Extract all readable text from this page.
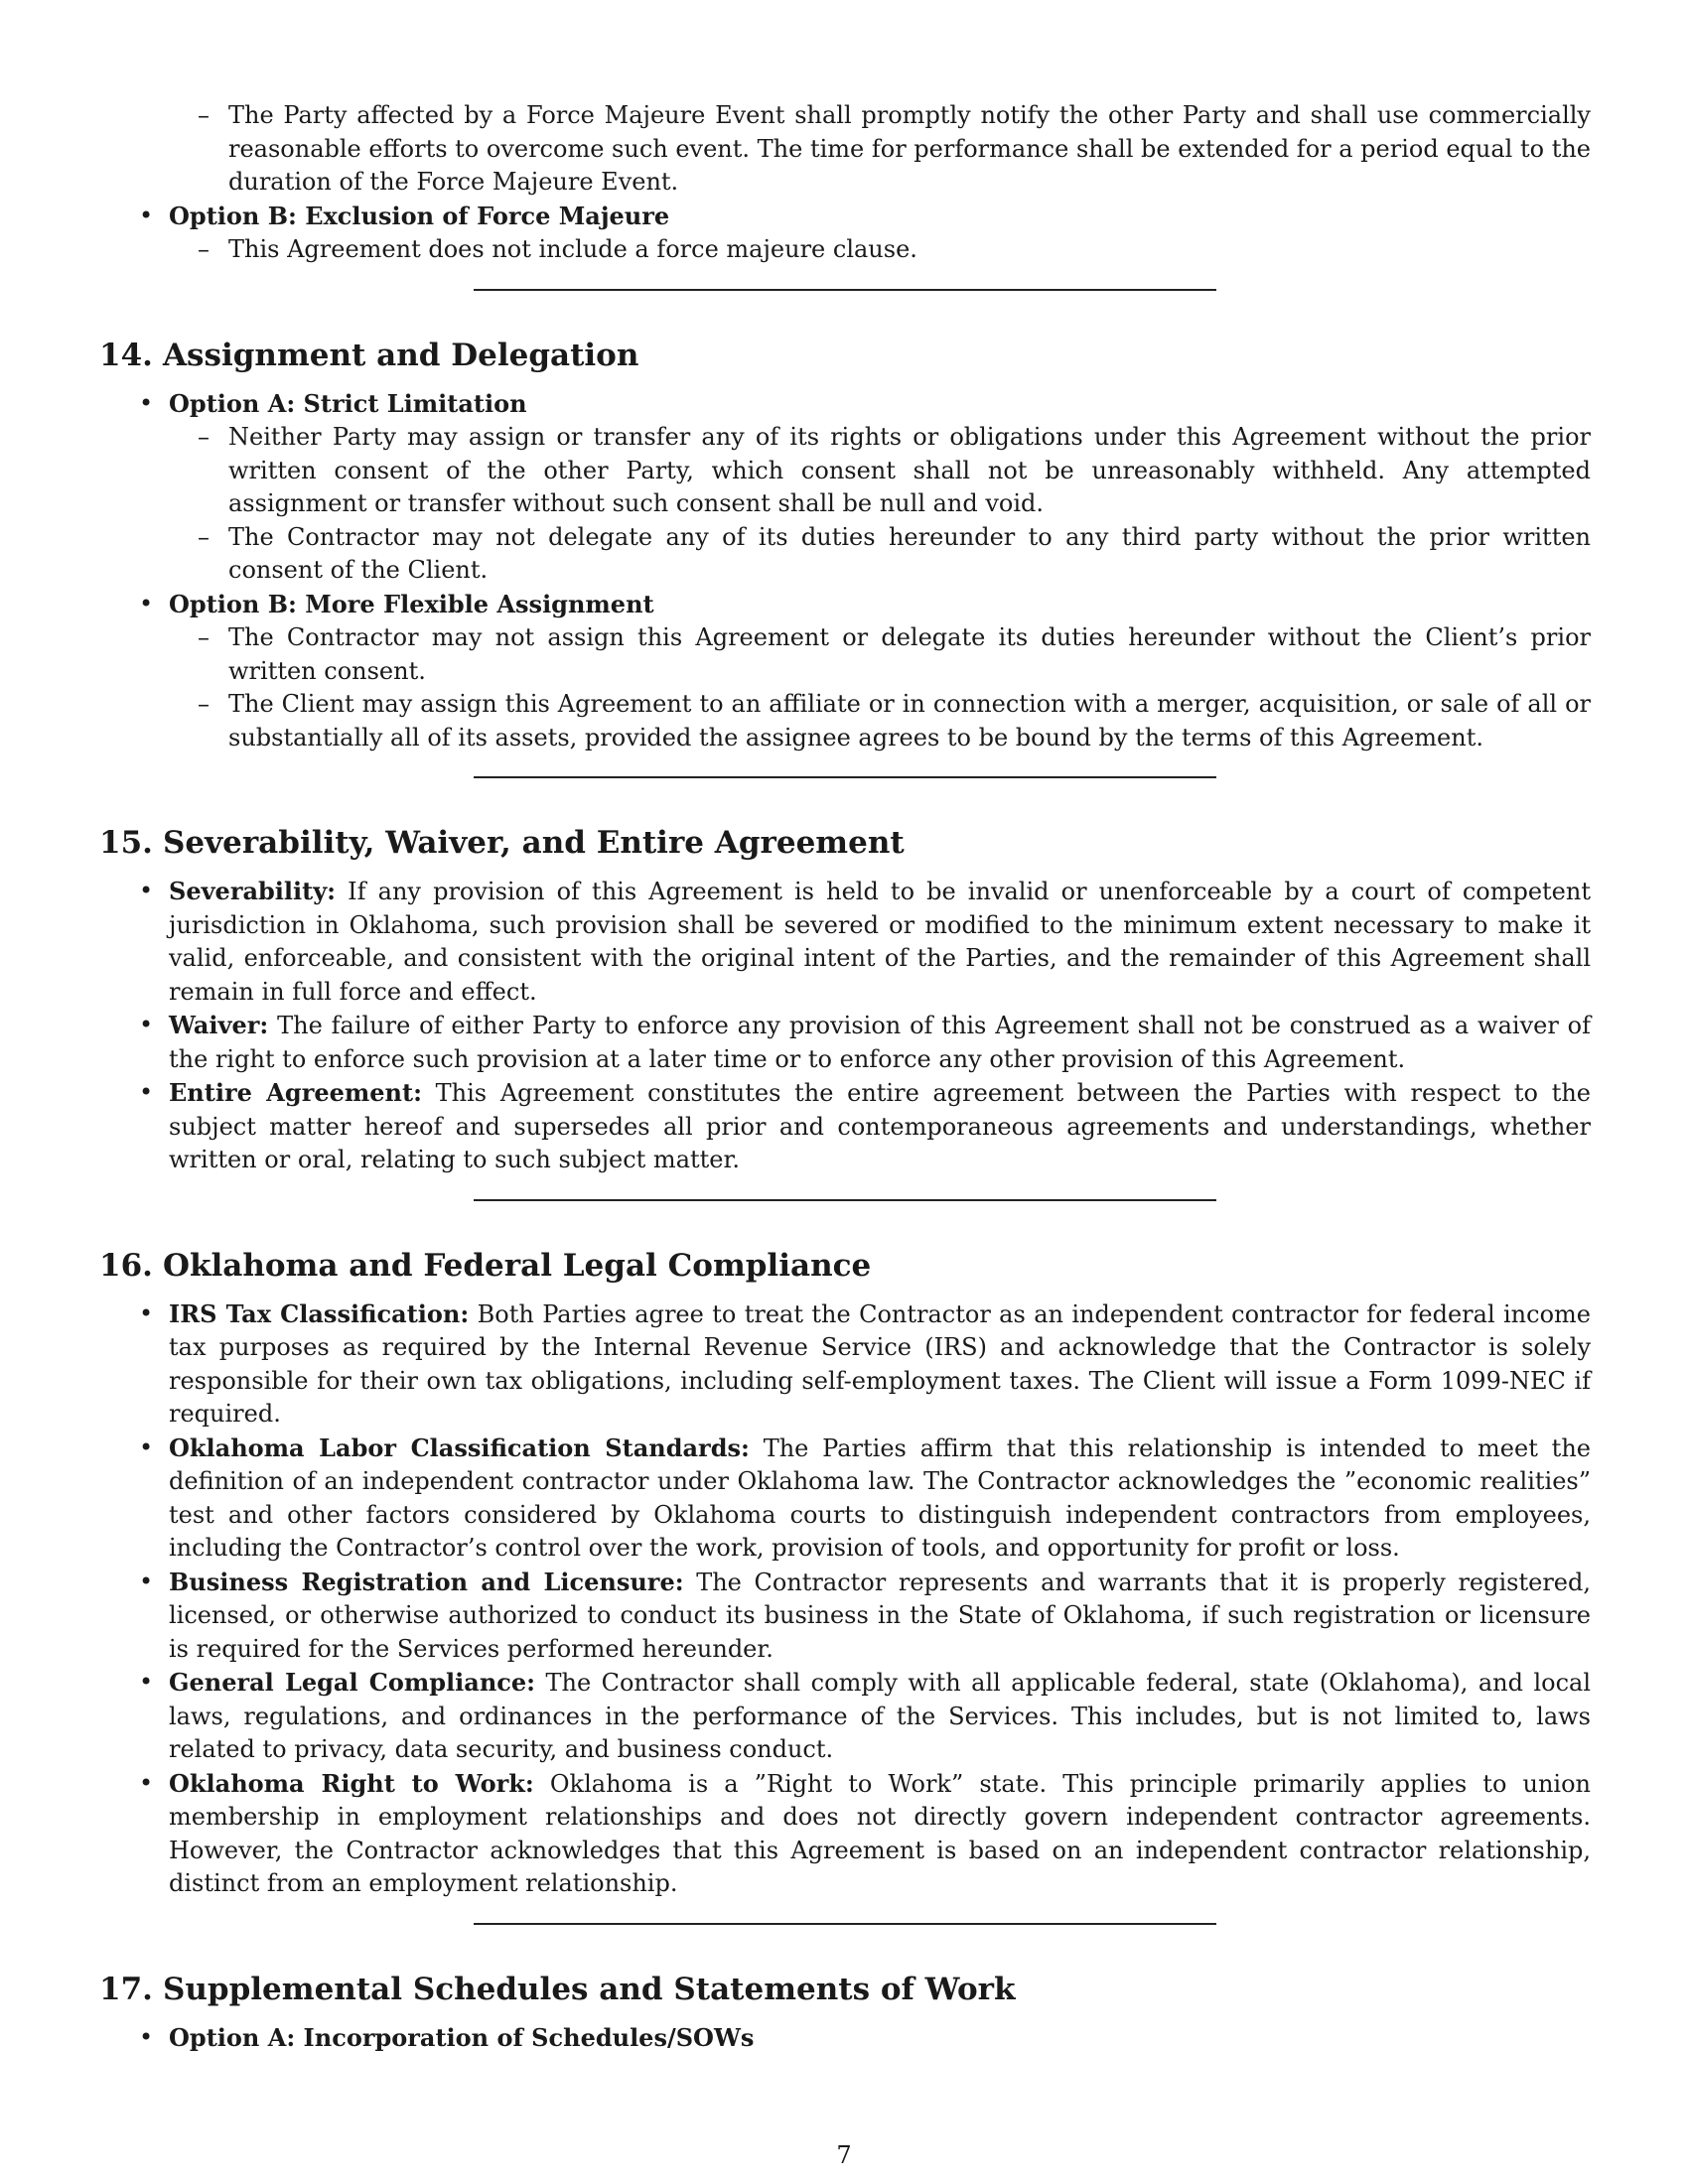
– The Party affected by a Force Majeure Event shall promptly notify the other Party and shall use commercially reasonable efforts to overcome such event. The time for performance shall be extended for a period equal to the duration of the Force Majeure Event.
• Option B: Exclusion of Force Majeure
– This Agreement does not include a force majeure clause.
14. Assignment and Delegation
• Option A: Strict Limitation
– Neither Party may assign or transfer any of its rights or obligations under this Agreement without the prior written consent of the other Party, which consent shall not be unreasonably withheld. Any attempted assignment or transfer without such consent shall be null and void.
– The Contractor may not delegate any of its duties hereunder to any third party without the prior written consent of the Client.
• Option B: More Flexible Assignment
– The Contractor may not assign this Agreement or delegate its duties hereunder without the Client’s prior written consent.
– The Client may assign this Agreement to an affiliate or in connection with a merger, acquisition, or sale of all or substantially all of its assets, provided the assignee agrees to be bound by the terms of this Agreement.
15. Severability, Waiver, and Entire Agreement
• Severability: If any provision of this Agreement is held to be invalid or unenforceable by a court of competent jurisdiction in Oklahoma, such provision shall be severed or modified to the minimum extent necessary to make it valid, enforceable, and consistent with the original intent of the Parties, and the remainder of this Agreement shall remain in full force and effect.
• Waiver: The failure of either Party to enforce any provision of this Agreement shall not be construed as a waiver of the right to enforce such provision at a later time or to enforce any other provision of this Agreement.
• Entire Agreement: This Agreement constitutes the entire agreement between the Parties with respect to the subject matter hereof and supersedes all prior and contemporaneous agreements and understandings, whether written or oral, relating to such subject matter.
16. Oklahoma and Federal Legal Compliance
• IRS Tax Classification: Both Parties agree to treat the Contractor as an independent contractor for federal income tax purposes as required by the Internal Revenue Service (IRS) and acknowledge that the Contractor is solely responsible for their own tax obligations, including self-employment taxes. The Client will issue a Form 1099-NEC if required.
• Oklahoma Labor Classification Standards: The Parties affirm that this relationship is intended to meet the definition of an independent contractor under Oklahoma law. The Contractor acknowledges the ”economic realities” test and other factors considered by Oklahoma courts to distinguish independent contractors from employees, including the Contractor’s control over the work, provision of tools, and opportunity for profit or loss.
• Business Registration and Licensure: The Contractor represents and warrants that it is properly registered, licensed, or otherwise authorized to conduct its business in the State of Oklahoma, if such registration or licensure is required for the Services performed hereunder.
• General Legal Compliance: The Contractor shall comply with all applicable federal, state (Oklahoma), and local laws, regulations, and ordinances in the performance of the Services. This includes, but is not limited to, laws related to privacy, data security, and business conduct.
• Oklahoma Right to Work: Oklahoma is a ”Right to Work” state. This principle primarily applies to union membership in employment relationships and does not directly govern independent contractor agreements. However, the Contractor acknowledges that this Agreement is based on an independent contractor relationship, distinct from an employment relationship.
17. Supplemental Schedules and Statements of Work
• Option A: Incorporation of Schedules/SOWs
7
